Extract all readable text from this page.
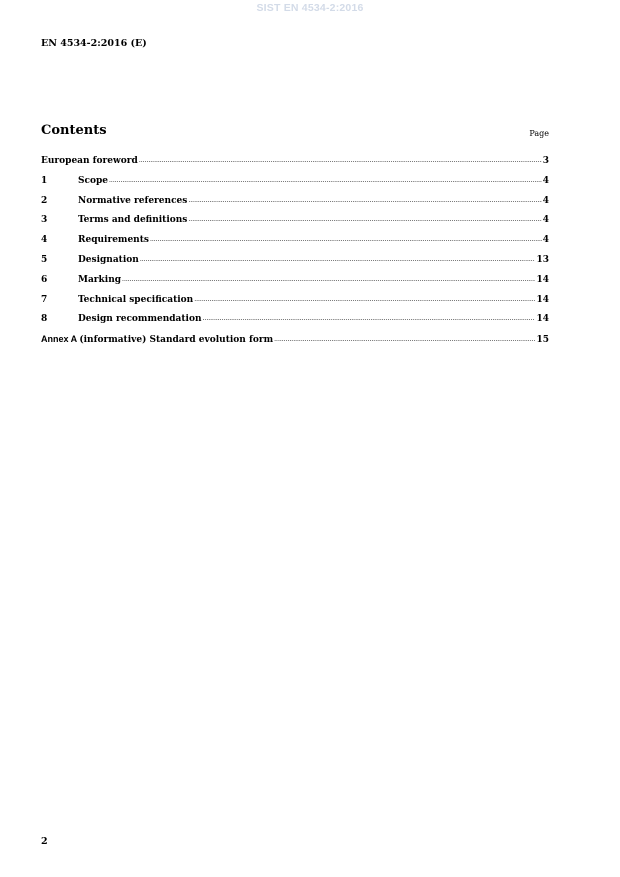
SIST EN 4534-2:2016
EN 4534-2:2016 (E)
Contents	Page
European foreword .....	3
1	Scope .....	4
2	Normative references .....	4
3	Terms and definitions .....	4
4	Requirements .....	4
5	Designation .....	13
6	Marking .....	14
7	Technical specification .....	14
8	Design recommendation .....	14
Annex A (informative) Standard evolution form .....	15
2
